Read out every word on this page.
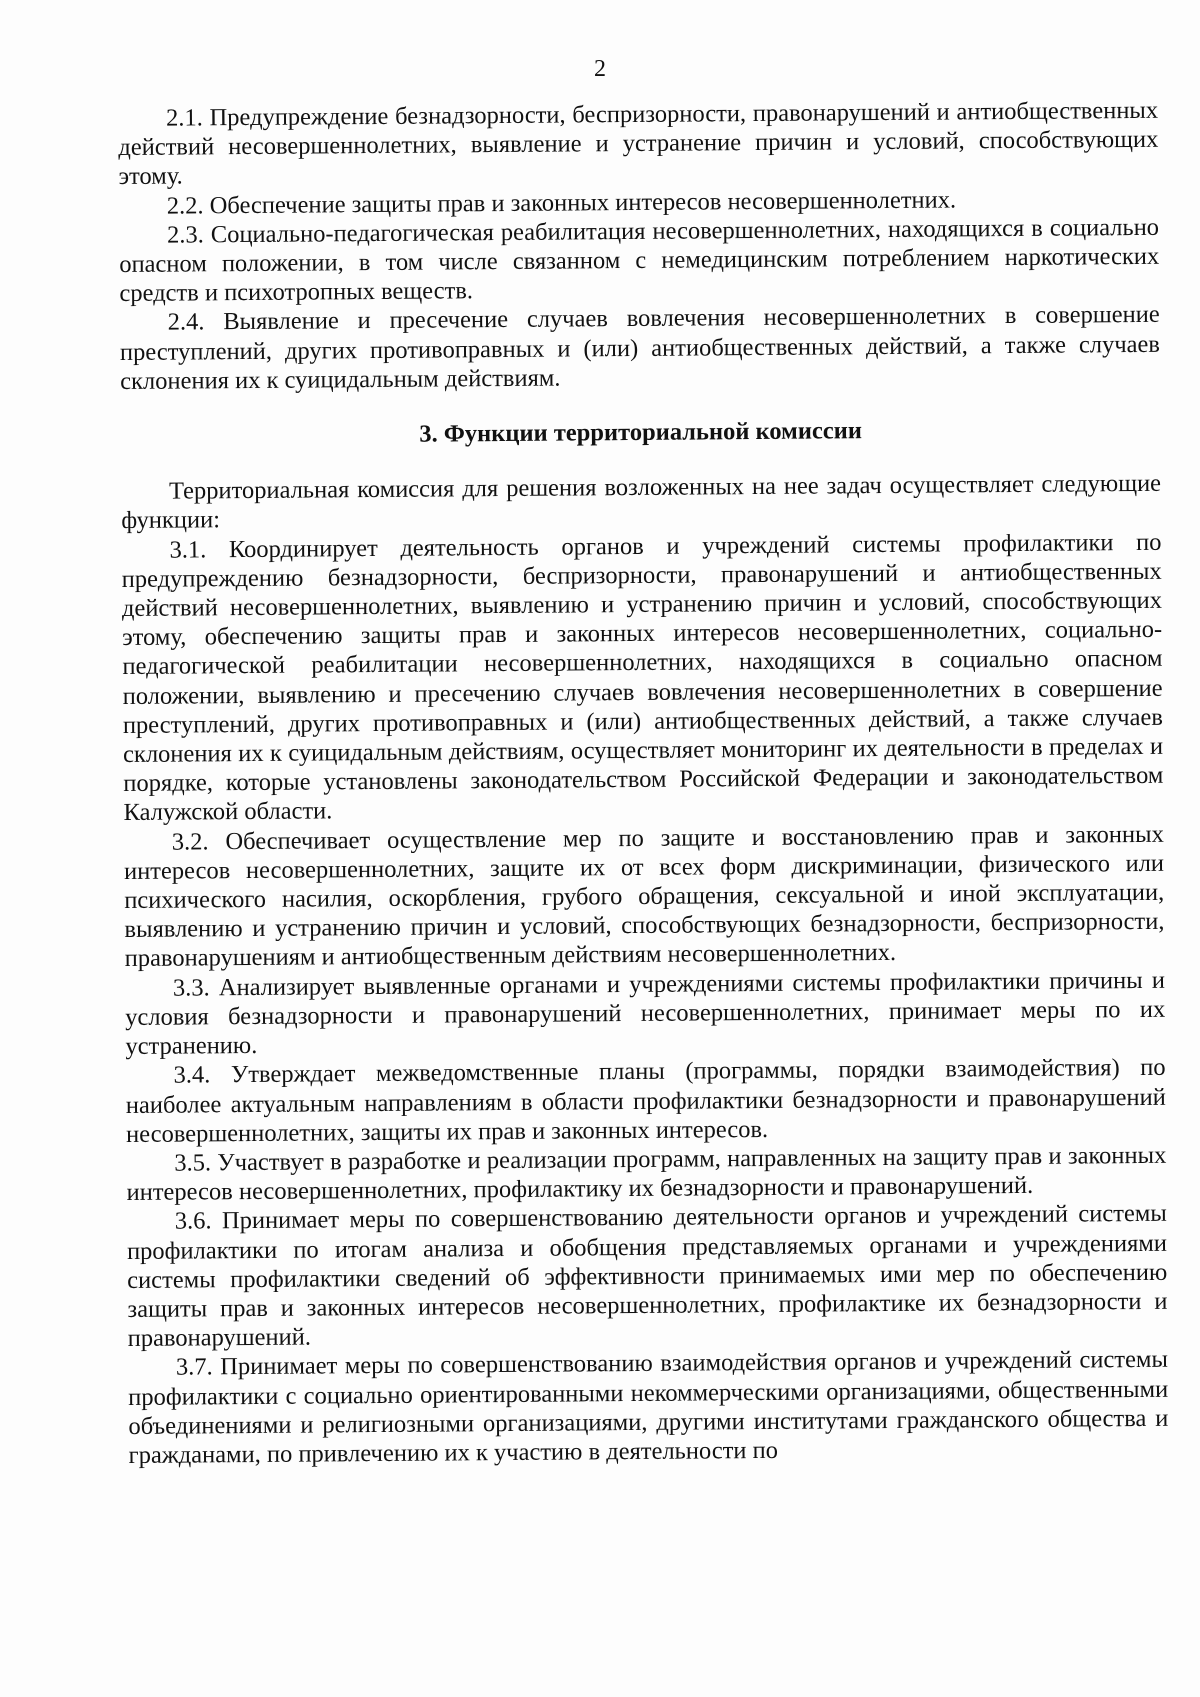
2

2.1. Предупреждение безнадзорности, беспризорности, правонарушений и антиобщественных действий несовершеннолетних, выявление и устранение причин и условий, способствующих этому.

2.2. Обеспечение защиты прав и законных интересов несовершеннолетних.

2.3. Социально-педагогическая реабилитация несовершеннолетних, находящихся в социально опасном положении, в том числе связанном с немедицинским потреблением наркотических средств и психотропных веществ.

2.4. Выявление и пресечение случаев вовлечения несовершеннолетних в совершение преступлений, других противоправных и (или) антиобщественных действий, а также случаев склонения их к суицидальным действиям.

3. Функции территориальной комиссии

Территориальная комиссия для решения возложенных на нее задач осуществляет следующие функции:

3.1. Координирует деятельность органов и учреждений системы профилактики по предупреждению безнадзорности, беспризорности, правонарушений и антиобщественных действий несовершеннолетних, выявлению и устранению причин и условий, способствующих этому, обеспечению защиты прав и законных интересов несовершеннолетних, социально-педагогической реабилитации несовершеннолетних, находящихся в социально опасном положении, выявлению и пресечению случаев вовлечения несовершеннолетних в совершение преступлений, других противоправных и (или) антиобщественных действий, а также случаев склонения их к суицидальным действиям, осуществляет мониторинг их деятельности в пределах и порядке, которые установлены законодательством Российской Федерации и законодательством Калужской области.

3.2. Обеспечивает осуществление мер по защите и восстановлению прав и законных интересов несовершеннолетних, защите их от всех форм дискриминации, физического или психического насилия, оскорбления, грубого обращения, сексуальной и иной эксплуатации, выявлению и устранению причин и условий, способствующих безнадзорности, беспризорности, правонарушениям и антиобщественным действиям несовершеннолетних.

3.3. Анализирует выявленные органами и учреждениями системы профилактики причины и условия безнадзорности и правонарушений несовершеннолетних, принимает меры по их устранению.

3.4. Утверждает межведомственные планы (программы, порядки взаимодействия) по наиболее актуальным направлениям в области профилактики безнадзорности и правонарушений несовершеннолетних, защиты их прав и законных интересов.

3.5. Участвует в разработке и реализации программ, направленных на защиту прав и законных интересов несовершеннолетних, профилактику их безнадзорности и правонарушений.

3.6. Принимает меры по совершенствованию деятельности органов и учреждений системы профилактики по итогам анализа и обобщения представляемых органами и учреждениями системы профилактики сведений об эффективности принимаемых ими мер по обеспечению защиты прав и законных интересов несовершеннолетних, профилактике их безнадзорности и правонарушений.

3.7. Принимает меры по совершенствованию взаимодействия органов и учреждений системы профилактики с социально ориентированными некоммерческими организациями, общественными объединениями и религиозными организациями, другими институтами гражданского общества и гражданами, по привлечению их к участию в деятельности по
